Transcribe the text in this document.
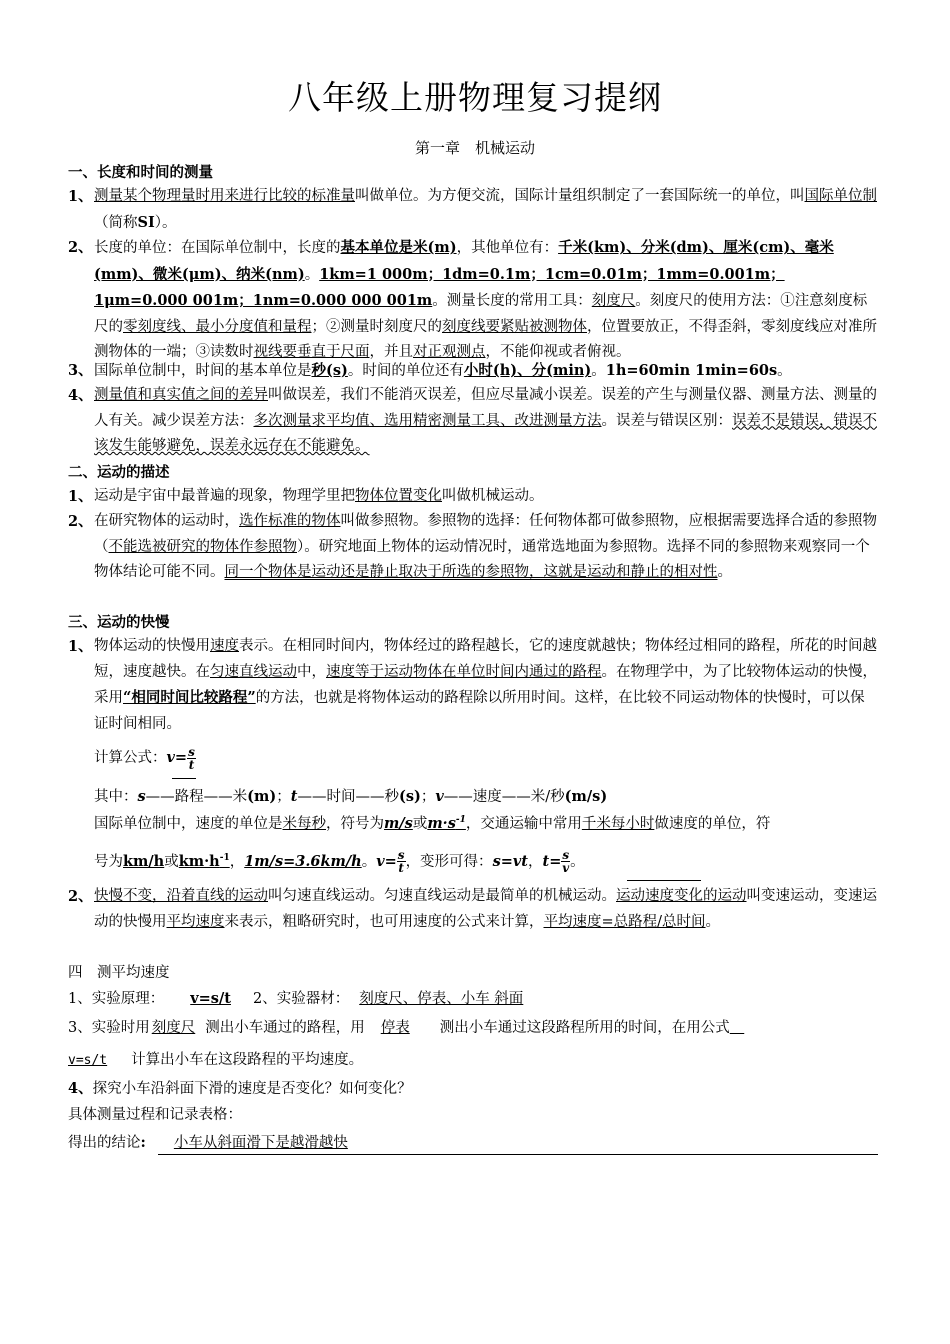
八年级上册物理复习提纲
第一章　机械运动
一、长度和时间的测量
1、 测量某个物理量时用来进行比较的标准量叫做单位。为方便交流，国际计量组织制定了一套国际统一的单位，叫国际单位制（简称SI）。
2、 长度的单位：在国际单位制中，长度的基本单位是米(m)，其他单位有：千米(km)、分米(dm)、厘米(cm)、毫米(mm)、微米(μm)、纳米(nm)。1km=1 000m；1dm=0.1m；1cm=0.01m；1mm=0.001m；1μm=0.000 001m；1nm=0.000 000 001m。测量长度的常用工具：刻度尺。刻度尺的使用方法：①注意刻度标尺的零刻度线、最小分度值和量程；②测量时刻度尺的刻度线要紧贴被测物体，位置要放正，不得歪斜，零刻度线应对准所测物体的一端；③读数时视线要垂直于尺面，并且对正观测点，不能仰视或者俯视。
3、 国际单位制中，时间的基本单位是秒(s)。时间的单位还有小时(h)、分(min)。1h=60min 1min=60s。
4、 测量值和真实值之间的差异叫做误差，我们不能消灭误差，但应尽量减小误差。误差的产生与测量仪器、测量方法、测量的人有关。减少误差方法：多次测量求平均值、选用精密测量工具、改进测量方法。误差与错误区别：误差不是错误，错误不该发生能够避免，误差永远存在不能避免。
二、运动的描述
1、 运动是宇宙中最普遍的现象，物理学里把物体位置变化叫做机械运动。
2、 在研究物体的运动时，选作标准的物体叫做参照物。参照物的选择：任何物体都可做参照物，应根据需要选择合适的参照物（不能选被研究的物体作参照物）。研究地面上物体的运动情况时，通常选地面为参照物。选择不同的参照物来观察同一个物体结论可能不同。同一个物体是运动还是静止取决于所选的参照物，这就是运动和静止的相对性。
三、运动的快慢
1、 物体运动的快慢用速度表示。在相同时间内，物体经过的路程越长，它的速度就越快；物体经过相同的路程，所花的时间越短，速度越快。在匀速直线运动中，速度等于运动物体在单位时间内通过的路程。在物理学中，为了比较物体运动的快慢，采用“相同时间比较路程”的方法，也就是将物体运动的路程除以所用时间。这样，在比较不同运动物体的快慢时，可以保证时间相同。
计算公式：$v= \frac{s}{t}$
其中：s——路程——米(m)；t——时间——秒(s)；v——速度——米/秒(m/s)
国际单位制中，速度的单位是米每秒，符号为m/s或$m\cdot s^{-1}$，交通运输中常用千米每小时做速度的单位，符
号为km/h或$km\cdot h^{-1}$，1m/s=3.6km/h。$v= \frac{s}{t}$ ，变形可得：s=vt，$t= \frac{s}{v}$ 。
2、 快慢不变，沿着直线的运动叫匀速直线运动。匀速直线运动是最简单的机械运动。运动速度变化的运动叫变速运动，变速运动的快慢用平均速度来表示，粗略研究时，也可用速度的公式来计算，平均速度=总路程/总时间。
四　测平均速度
1、实验原理： v=s/t 2、实验器材： 刻度尺、停表、小车 斜面
3、实验时用 刻度尺 测出小车通过的路程，用 停表 测出小车通过这段路程所用的时间，在用公式　
v=s/t 计算出小车在这段路程的平均速度。
4、探究小车沿斜面下滑的速度是否变化？如何变化？
具体测量过程和记录表格：
得出的结论: 小车从斜面滑下是越滑越快
